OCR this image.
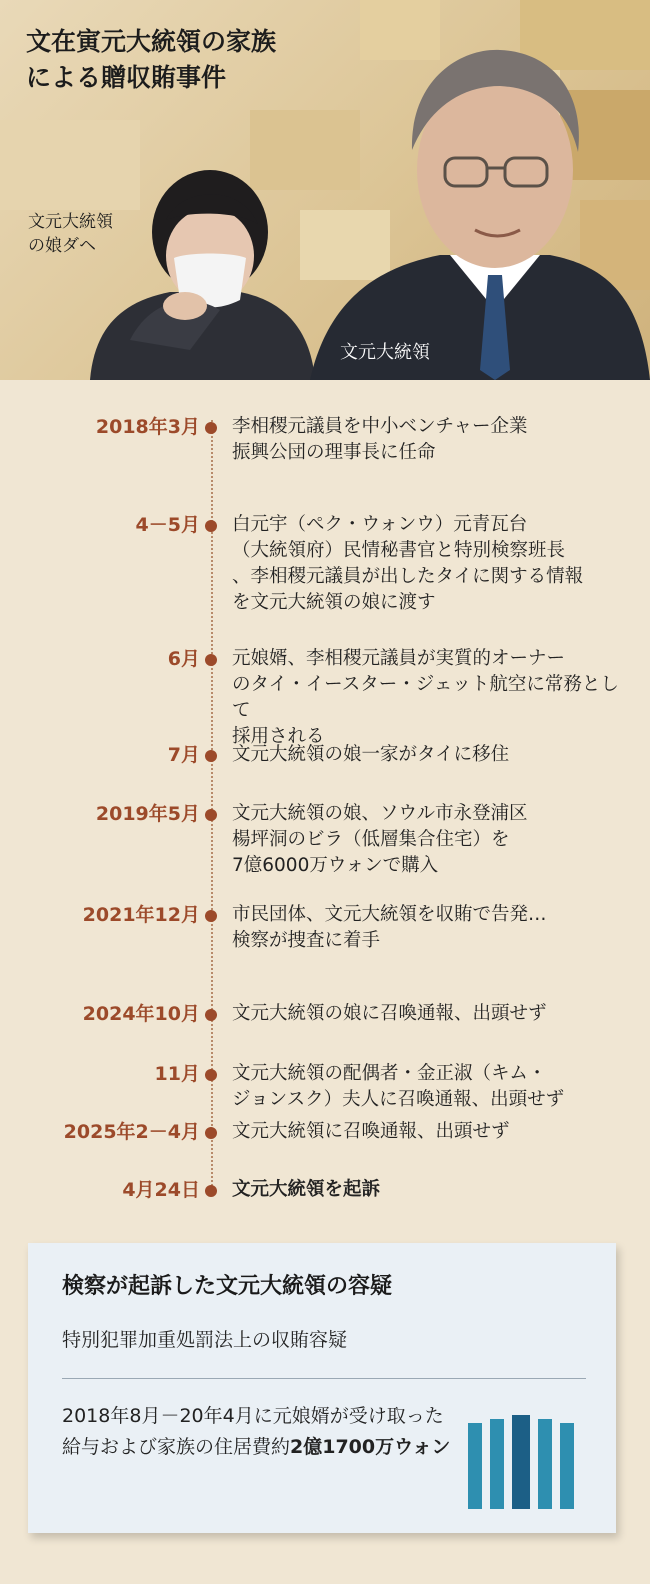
文在寅元大統領の家族
による贈収賄事件
文元大統領
の娘ダヘ
文元大統領
2018年3月 李相稷元議員を中小ベンチャー企業
振興公団の理事長に任命
4－5月 白元宇（ペク・ウォンウ）元青瓦台
（大統領府）民情秘書官と特別検察班長
、李相稷元議員が出したタイに関する情報
を文元大統領の娘に渡す
6月 元娘婿、李相稷元議員が実質的オーナー
のタイ・イースター・ジェット航空に常務として
採用される
7月 文元大統領の娘一家がタイに移住
2019年5月 文元大統領の娘、ソウル市永登浦区
楊坪洞のビラ（低層集合住宅）を
7億6000万ウォンで購入
2021年12月 市民団体、文元大統領を収賄で告発…
検察が捜査に着手
2024年10月 文元大統領の娘に召喚通報、出頭せず
11月 文元大統領の配偶者・金正淑（キム・
ジョンスク）夫人に召喚通報、出頭せず
2025年2－4月 文元大統領に召喚通報、出頭せず
4月24日 文元大統領を起訴
検察が起訴した文元大統領の容疑
特別犯罪加重処罰法上の収賄容疑
2018年8月－20年4月に元娘婿が受け取った給与および家族の住居費約2億1700万ウォン
